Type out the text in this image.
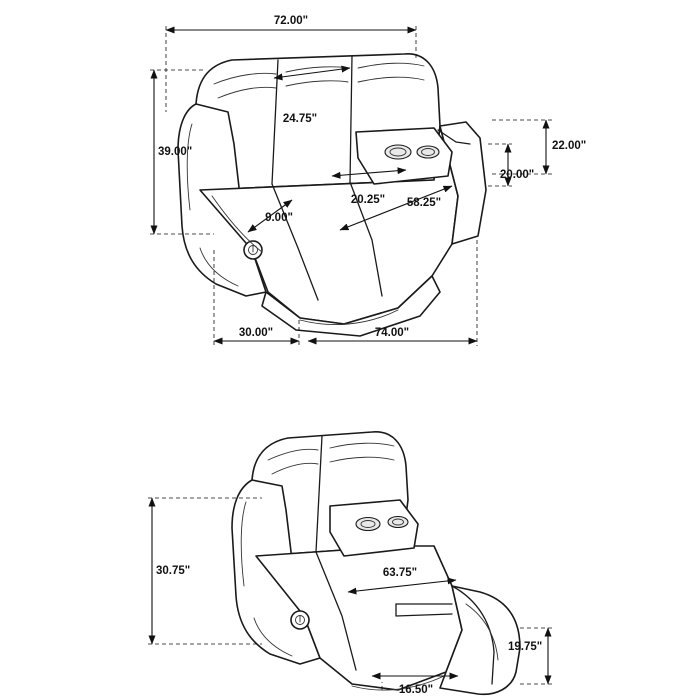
72.00"
39.00"
24.75"
20.25" 58.25"
9.00"
22.00"
20.00"
30.00"	74.00"
30.75"	63.75"
16.50"
19.75"
